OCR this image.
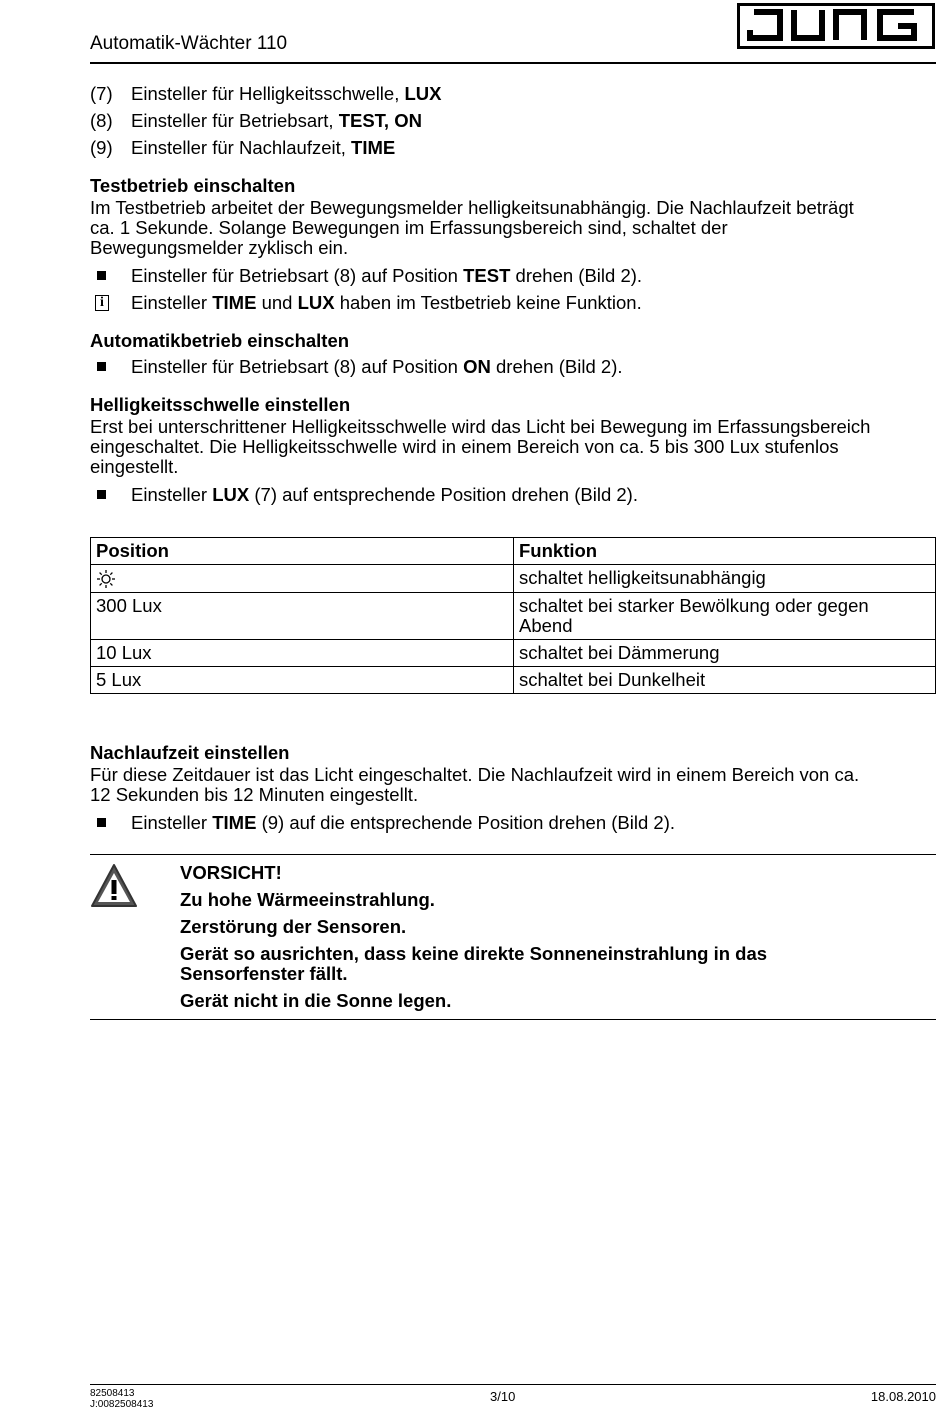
Automatik-Wächter 110
(7) Einsteller für Helligkeitsschwelle, LUX
(8) Einsteller für Betriebsart, TEST, ON
(9) Einsteller für Nachlaufzeit, TIME
Testbetrieb einschalten
Im Testbetrieb arbeitet der Bewegungsmelder helligkeitsunabhängig. Die Nachlaufzeit beträgt
ca. 1 Sekunde. Solange Bewegungen im Erfassungsbereich sind, schaltet der
Bewegungsmelder zyklisch ein.
Einsteller für Betriebsart (8) auf Position TEST drehen (Bild 2).
i Einsteller TIME und LUX haben im Testbetrieb keine Funktion.
Automatikbetrieb einschalten
Einsteller für Betriebsart (8) auf Position ON drehen (Bild 2).
Helligkeitsschwelle einstellen
Erst bei unterschrittener Helligkeitsschwelle wird das Licht bei Bewegung im Erfassungsbereich
eingeschaltet. Die Helligkeitsschwelle wird in einem Bereich von ca. 5 bis 300 Lux stufenlos
eingestellt.
Einsteller LUX (7) auf entsprechende Position drehen (Bild 2).
Position	Funktion
	schaltet helligkeitsunabhängig
300 Lux	schaltet bei starker Bewölkung oder gegen
Abend

10 Lux	schaltet bei Dämmerung
5 Lux	schaltet bei Dunkelheit
Nachlaufzeit einstellen
Für diese Zeitdauer ist das Licht eingeschaltet. Die Nachlaufzeit wird in einem Bereich von ca.
12 Sekunden bis 12 Minuten eingestellt.
Einsteller TIME (9) auf die entsprechende Position drehen (Bild 2).
VORSICHT!
Zu hohe Wärmeeinstrahlung.
Zerstörung der Sensoren.
Gerät so ausrichten, dass keine direkte Sonneneinstrahlung in das
Sensorfenster fällt.
Gerät nicht in die Sonne legen.
82508413
J:0082508413
3/10	18.08.2010
